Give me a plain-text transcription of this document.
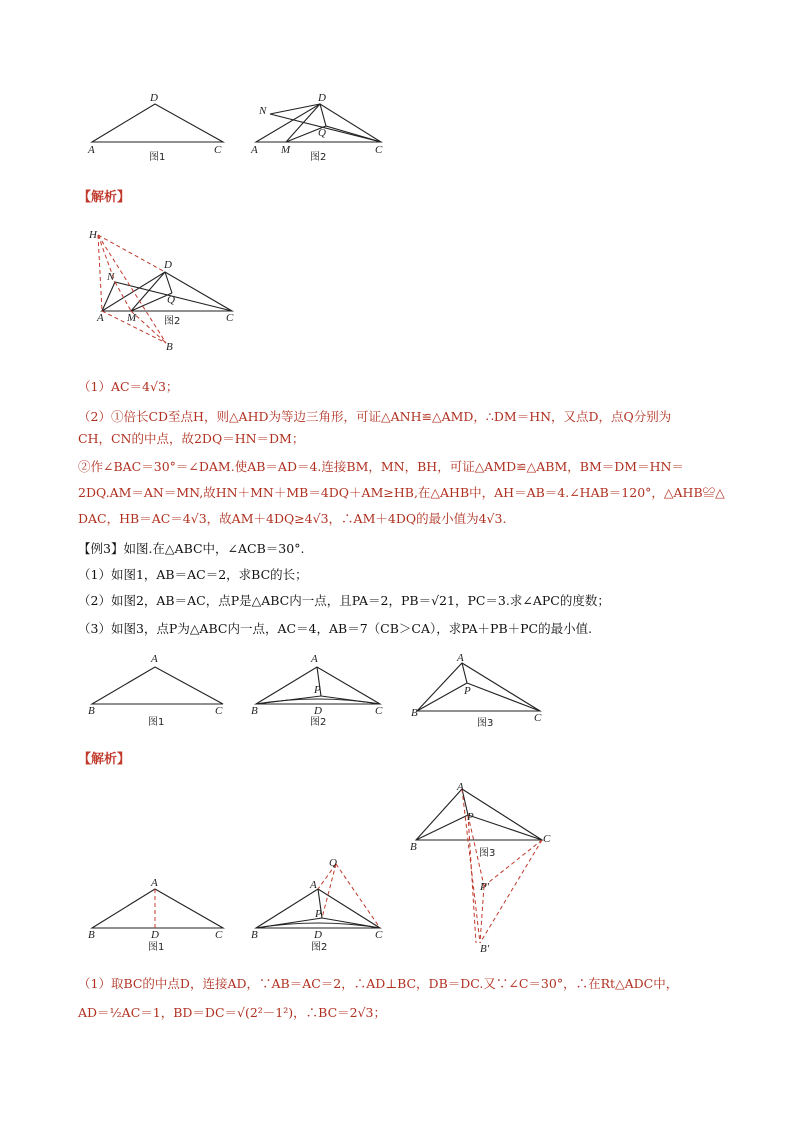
D
A	C
图1
D
N
Q
A M	C
图2
【解析】
H
D
N
Q
A M	C
B
图2
（1）AC＝4√3；
（2）①倍长CD至点H，则△AHD为等边三角形，可证△ANH≌△AMD，∴DM＝HN，又点D，点Q分别为
CH，CN的中点，故2DQ＝HN＝DM；
②作∠BAC＝30°＝∠DAM.使AB＝AD＝4.连接BM，MN，BH，可证△AMD≌△ABM，BM＝DM＝HN＝
2DQ.AM＝AN＝MN,故HN＋MN＋MB＝4DQ＋AM≥HB,在△AHB中，AH＝AB＝4.∠HAB＝120°，△AHB≌△
DAC，HB＝AC＝4√3，故AM＋4DQ≥4√3，∴AM＋4DQ的最小值为4√3.
【例3】如图.在△ABC中，∠ACB＝30°.
（1）如图1，AB＝AC＝2，求BC的长；
（2）如图2，AB＝AC，点P是△ABC内一点，且PA＝2，PB＝√21，PC＝3.求∠APC的度数；
（3）如图3，点P为△ABC内一点，AC＝4，AB＝7（CB＞CA），求PA＋PB＋PC的最小值.
A
B	C
图1
A
P
B	D	C
图2
A
P
B	C
图3
【解析】
A
B	D	C
图1
Q
A
P
B	D	C
图2
A
P
B
C
P'
B'
图3
（1）取BC的中点D，连接AD，∵AB＝AC＝2，∴AD⊥BC，DB＝DC.又∵∠C＝30°，∴在Rt△ADC中，
AD＝½AC＝1，BD＝DC＝√(2²－1²)，∴BC＝2√3；
